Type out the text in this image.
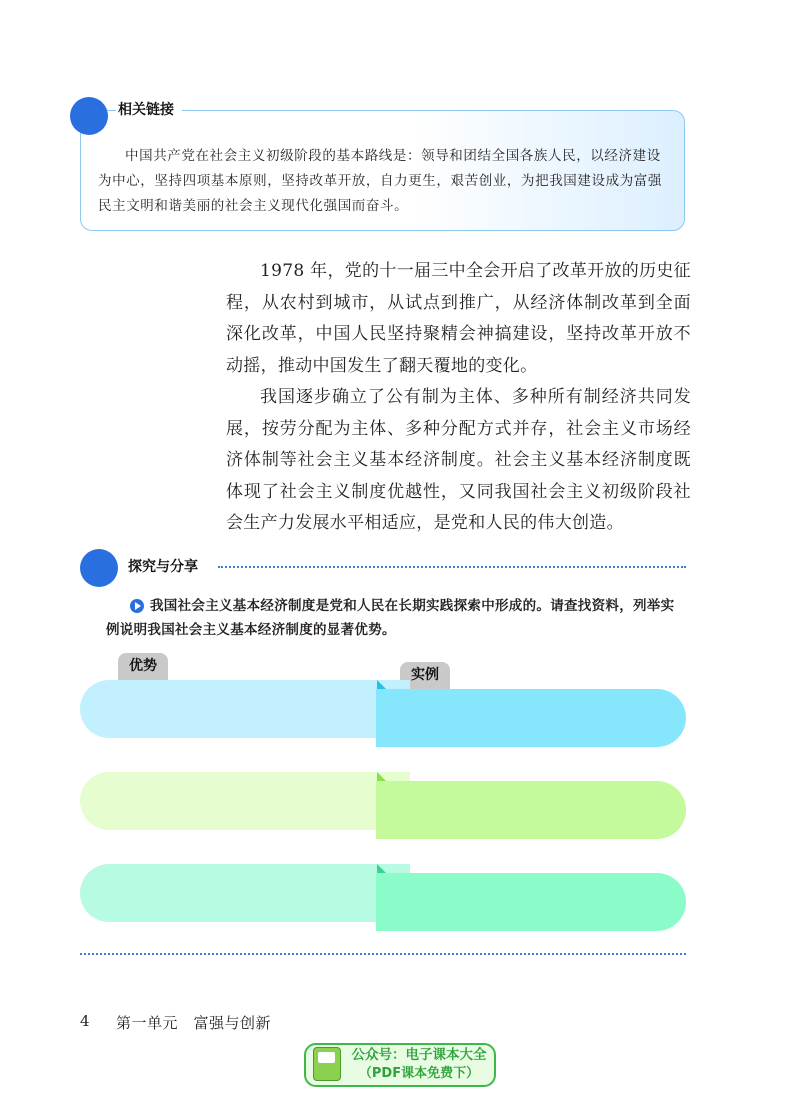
相关链接

中国共产党在社会主义初级阶段的基本路线是：领导和团结全国各族人民，以经济建设为中心，坚持四项基本原则，坚持改革开放，自力更生，艰苦创业，为把我国建设成为富强民主文明和谐美丽的社会主义现代化强国而奋斗。

1978 年，党的十一届三中全会开启了改革开放的历史征程，从农村到城市，从试点到推广，从经济体制改革到全面深化改革，中国人民坚持聚精会神搞建设，坚持改革开放不动摇，推动中国发生了翻天覆地的变化。

我国逐步确立了公有制为主体、多种所有制经济共同发展，按劳分配为主体、多种分配方式并存，社会主义市场经济体制等社会主义基本经济制度。社会主义基本经济制度既体现了社会主义制度优越性，又同我国社会主义初级阶段社会生产力发展水平相适应，是党和人民的伟大创造。

探究与分享
我国社会主义基本经济制度是党和人民在长期实践探索中形成的。请查找资料，列举实例说明我国社会主义基本经济制度的显著优势。
优势
实例
4 第一单元　富强与创新
公众号：电子课本大全
（PDF课本免费下）
